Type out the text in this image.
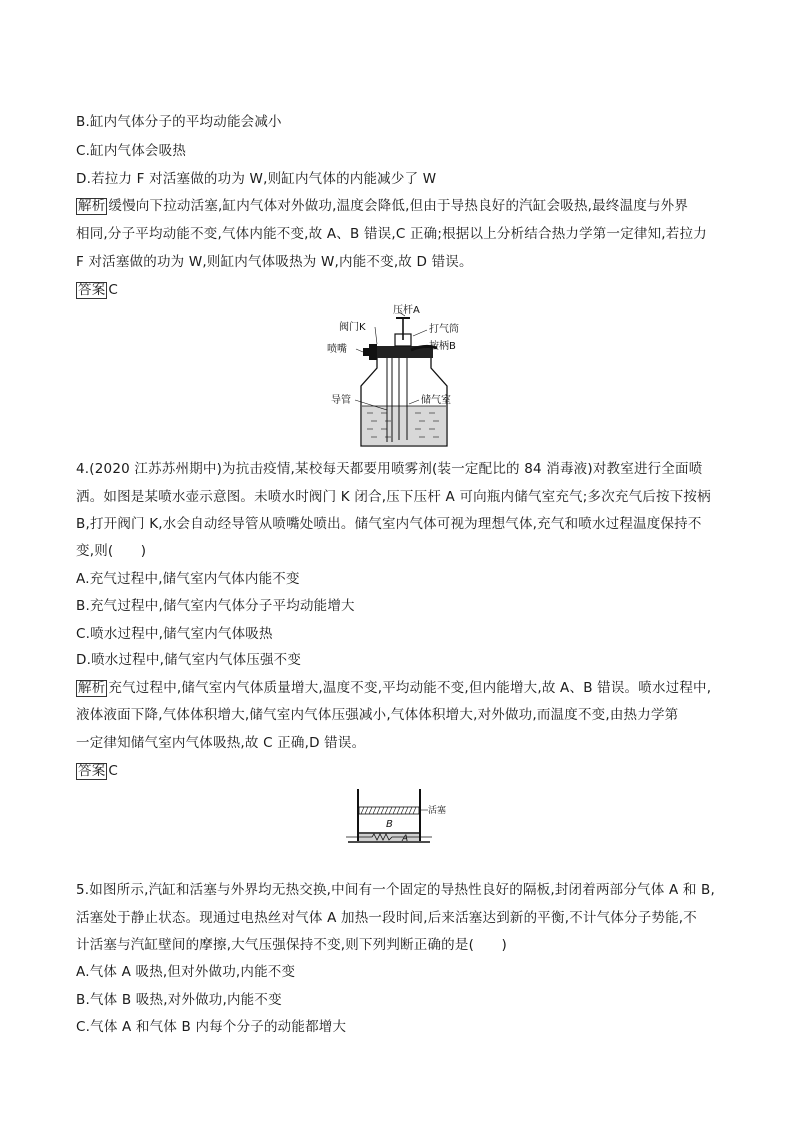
B.缸内气体分子的平均动能会减小
C.缸内气体会吸热
D.若拉力 F 对活塞做的功为 W,则缸内气体的内能减少了 W
解析 缓慢向下拉动活塞,缸内气体对外做功,温度会降低,但由于导热良好的汽缸会吸热,最终温度与外界
相同,分子平均动能不变,气体内能不变,故 A、B 错误,C 正确;根据以上分析结合热力学第一定律知,若拉力
F 对活塞做的功为 W,则缸内气体吸热为 W,内能不变,故 D 错误。
答案 C
压杆A
阀门K	打气筒
喷嘴	按柄B
导管	储气室
4.(2020 江苏苏州期中)为抗击疫情,某校每天都要用喷雾剂(装一定配比的 84 消毒液)对教室进行全面喷
洒。如图是某喷水壶示意图。未喷水时阀门 K 闭合,压下压杆 A 可向瓶内储气室充气;多次充气后按下按柄
B,打开阀门 K,水会自动经导管从喷嘴处喷出。储气室内气体可视为理想气体,充气和喷水过程温度保持不
变,则(　　)
A.充气过程中,储气室内气体内能不变
B.充气过程中,储气室内气体分子平均动能增大
C.喷水过程中,储气室内气体吸热
D.喷水过程中,储气室内气体压强不变
解析 充气过程中,储气室内气体质量增大,温度不变,平均动能不变,但内能增大,故 A、B 错误。喷水过程中,
液体液面下降,气体体积增大,储气室内气体压强减小,气体体积增大,对外做功,而温度不变,由热力学第
一定律知储气室内气体吸热,故 C 正确,D 错误。
答案 C
活塞
B
A
5.如图所示,汽缸和活塞与外界均无热交换,中间有一个固定的导热性良好的隔板,封闭着两部分气体 A 和 B,
活塞处于静止状态。现通过电热丝对气体 A 加热一段时间,后来活塞达到新的平衡,不计气体分子势能,不
计活塞与汽缸壁间的摩擦,大气压强保持不变,则下列判断正确的是(　　)
A.气体 A 吸热,但对外做功,内能不变
B.气体 B 吸热,对外做功,内能不变
C.气体 A 和气体 B 内每个分子的动能都增大
